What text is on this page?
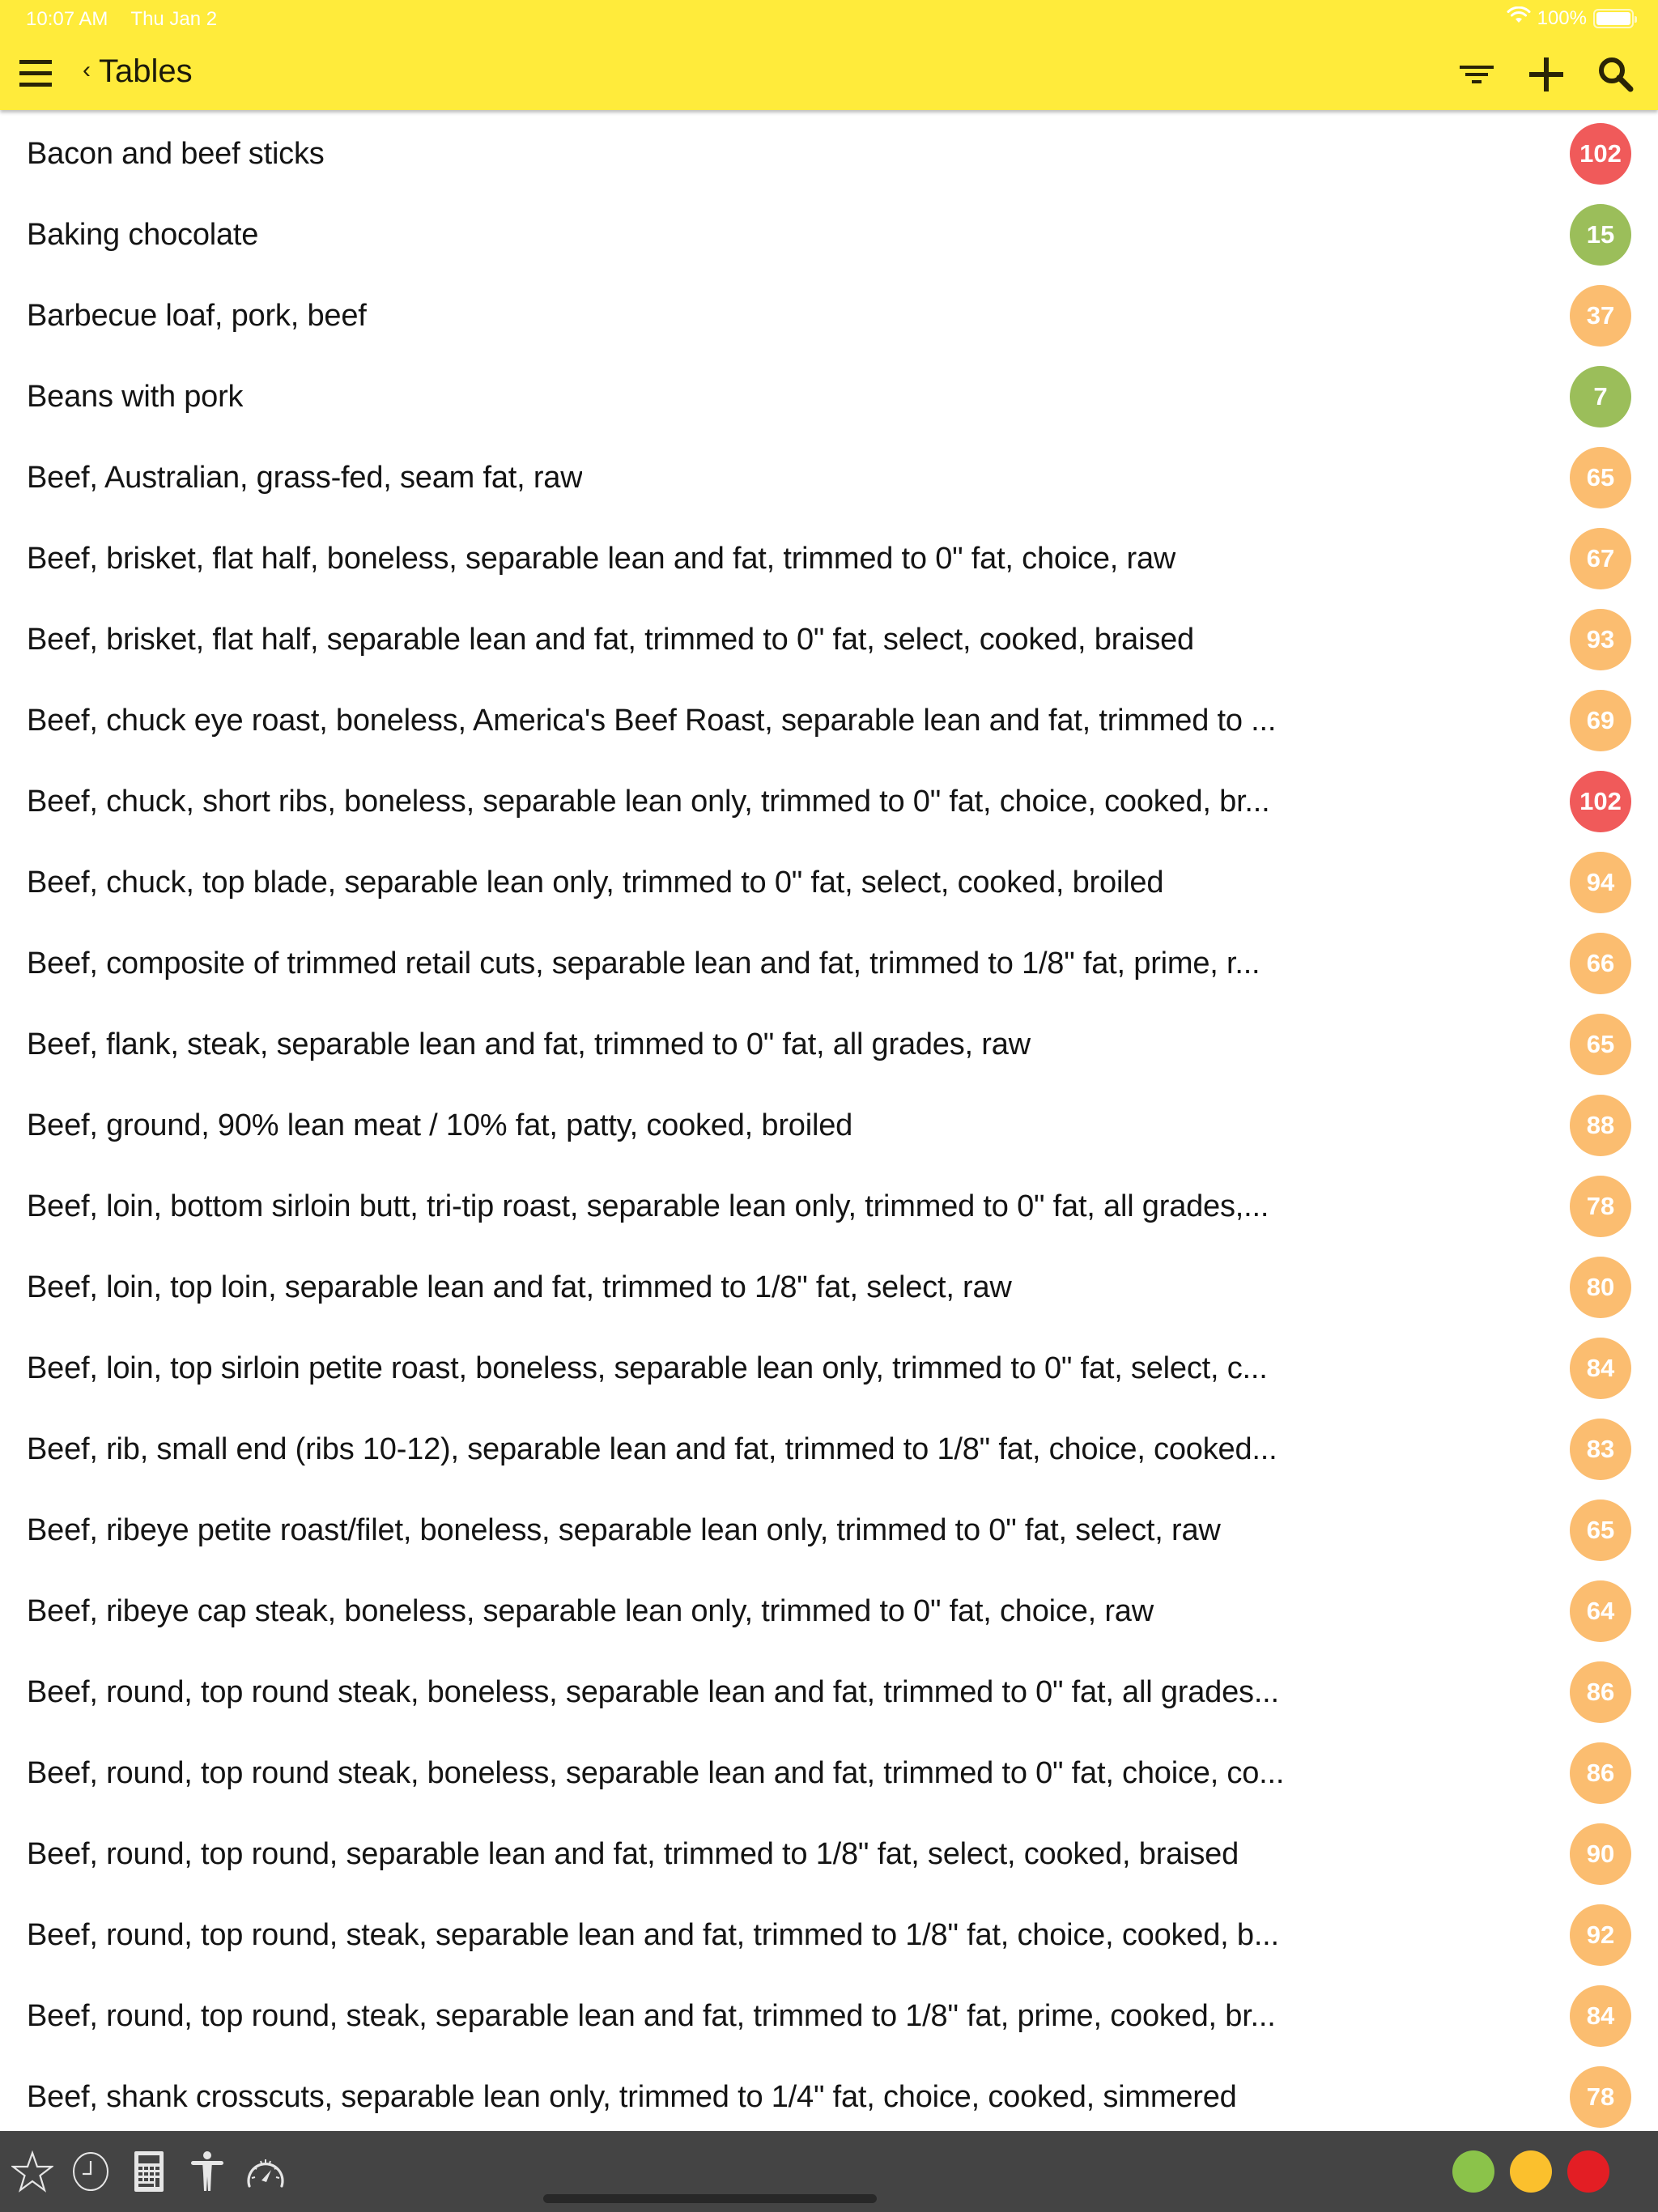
10:07 AM Thu Jan 2	100%
‹ Tables
Bacon and beef sticks	102
Baking chocolate	15
Barbecue loaf, pork, beef	37
Beans with pork	7
Beef, Australian, grass-fed, seam fat, raw	65
Beef, brisket, flat half, boneless, separable lean and fat, trimmed to 0" fat, choice, raw	67
Beef, brisket, flat half, separable lean and fat, trimmed to 0" fat, select, cooked, braised	93
Beef, chuck eye roast, boneless, America's Beef Roast, separable lean and fat, trimmed to ...	69
Beef, chuck, short ribs, boneless, separable lean only, trimmed to 0" fat, choice, cooked, br...	102
Beef, chuck, top blade, separable lean only, trimmed to 0" fat, select, cooked, broiled	94
Beef, composite of trimmed retail cuts, separable lean and fat, trimmed to 1/8" fat, prime, r...	66
Beef, flank, steak, separable lean and fat, trimmed to 0" fat, all grades, raw	65
Beef, ground, 90% lean meat / 10% fat, patty, cooked, broiled	88
Beef, loin, bottom sirloin butt, tri-tip roast, separable lean only, trimmed to 0" fat, all grades,...	78
Beef, loin, top loin, separable lean and fat, trimmed to 1/8" fat, select, raw	80
Beef, loin, top sirloin petite roast, boneless, separable lean only, trimmed to 0" fat, select, c...	84
Beef, rib, small end (ribs 10-12), separable lean and fat, trimmed to 1/8" fat, choice, cooked...	83
Beef, ribeye petite roast/filet, boneless, separable lean only, trimmed to 0" fat, select, raw	65
Beef, ribeye cap steak, boneless, separable lean only, trimmed to 0" fat, choice, raw	64
Beef, round, top round steak, boneless, separable lean and fat, trimmed to 0" fat, all grades...	86
Beef, round, top round steak, boneless, separable lean and fat, trimmed to 0" fat, choice, co...	86
Beef, round, top round, separable lean and fat, trimmed to 1/8" fat, select, cooked, braised	90
Beef, round, top round, steak, separable lean and fat, trimmed to 1/8" fat, choice, cooked, b...	92
Beef, round, top round, steak, separable lean and fat, trimmed to 1/8" fat, prime, cooked, br...	84
Beef, shank crosscuts, separable lean only, trimmed to 1/4" fat, choice, cooked, simmered	78
